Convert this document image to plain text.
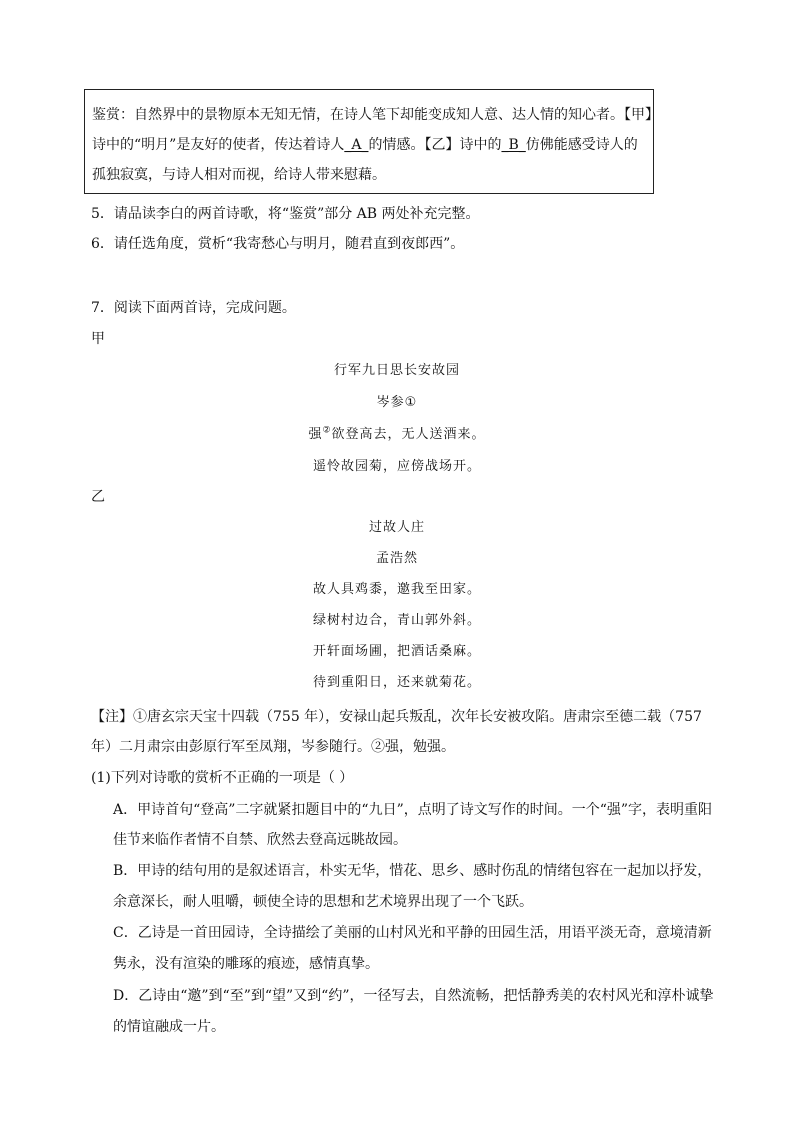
鉴赏：自然界中的景物原本无知无情，在诗人笔下却能变成知人意、达人情的知心者。【甲】
诗中的“明月”是友好的使者，传达着诗人_A_的情感。【乙】诗中的_B_仿佛能感受诗人的
孤独寂寞，与诗人相对而视，给诗人带来慰藉。
5．请品读李白的两首诗歌，将“鉴赏”部分 AB 两处补充完整。
6．请任选角度，赏析“我寄愁心与明月，随君直到夜郎西”。
7．阅读下面两首诗，完成问题。
甲
行军九日思长安故园
岑参①
强②欲登高去，无人送酒来。
遥怜故园菊，应傍战场开。
乙
过故人庄
孟浩然
故人具鸡黍，邀我至田家。
绿树村边合，青山郭外斜。
开轩面场圃，把酒话桑麻。
待到重阳日，还来就菊花。
【注】①唐玄宗天宝十四载（755 年），安禄山起兵叛乱，次年长安被攻陷。唐肃宗至德二载（757
年）二月肃宗由彭原行军至凤翔，岑参随行。②强，勉强。
(1)下列对诗歌的赏析不正确的一项是（ ）
A．甲诗首句“登高”二字就紧扣题目中的“九日”，点明了诗文写作的时间。一个“强”字，表明重阳
佳节来临作者情不自禁、欣然去登高远眺故园。
B．甲诗的结句用的是叙述语言，朴实无华，惜花、思乡、感时伤乱的情绪包容在一起加以抒发，
余意深长，耐人咀嚼，顿使全诗的思想和艺术境界出现了一个飞跃。
C．乙诗是一首田园诗，全诗描绘了美丽的山村风光和平静的田园生活，用语平淡无奇，意境清新
隽永，没有渲染的雕琢的痕迹，感情真挚。
D．乙诗由“邀”到“至”到“望”又到“约”，一径写去，自然流畅，把恬静秀美的农村风光和淳朴诚挚
的情谊融成一片。
